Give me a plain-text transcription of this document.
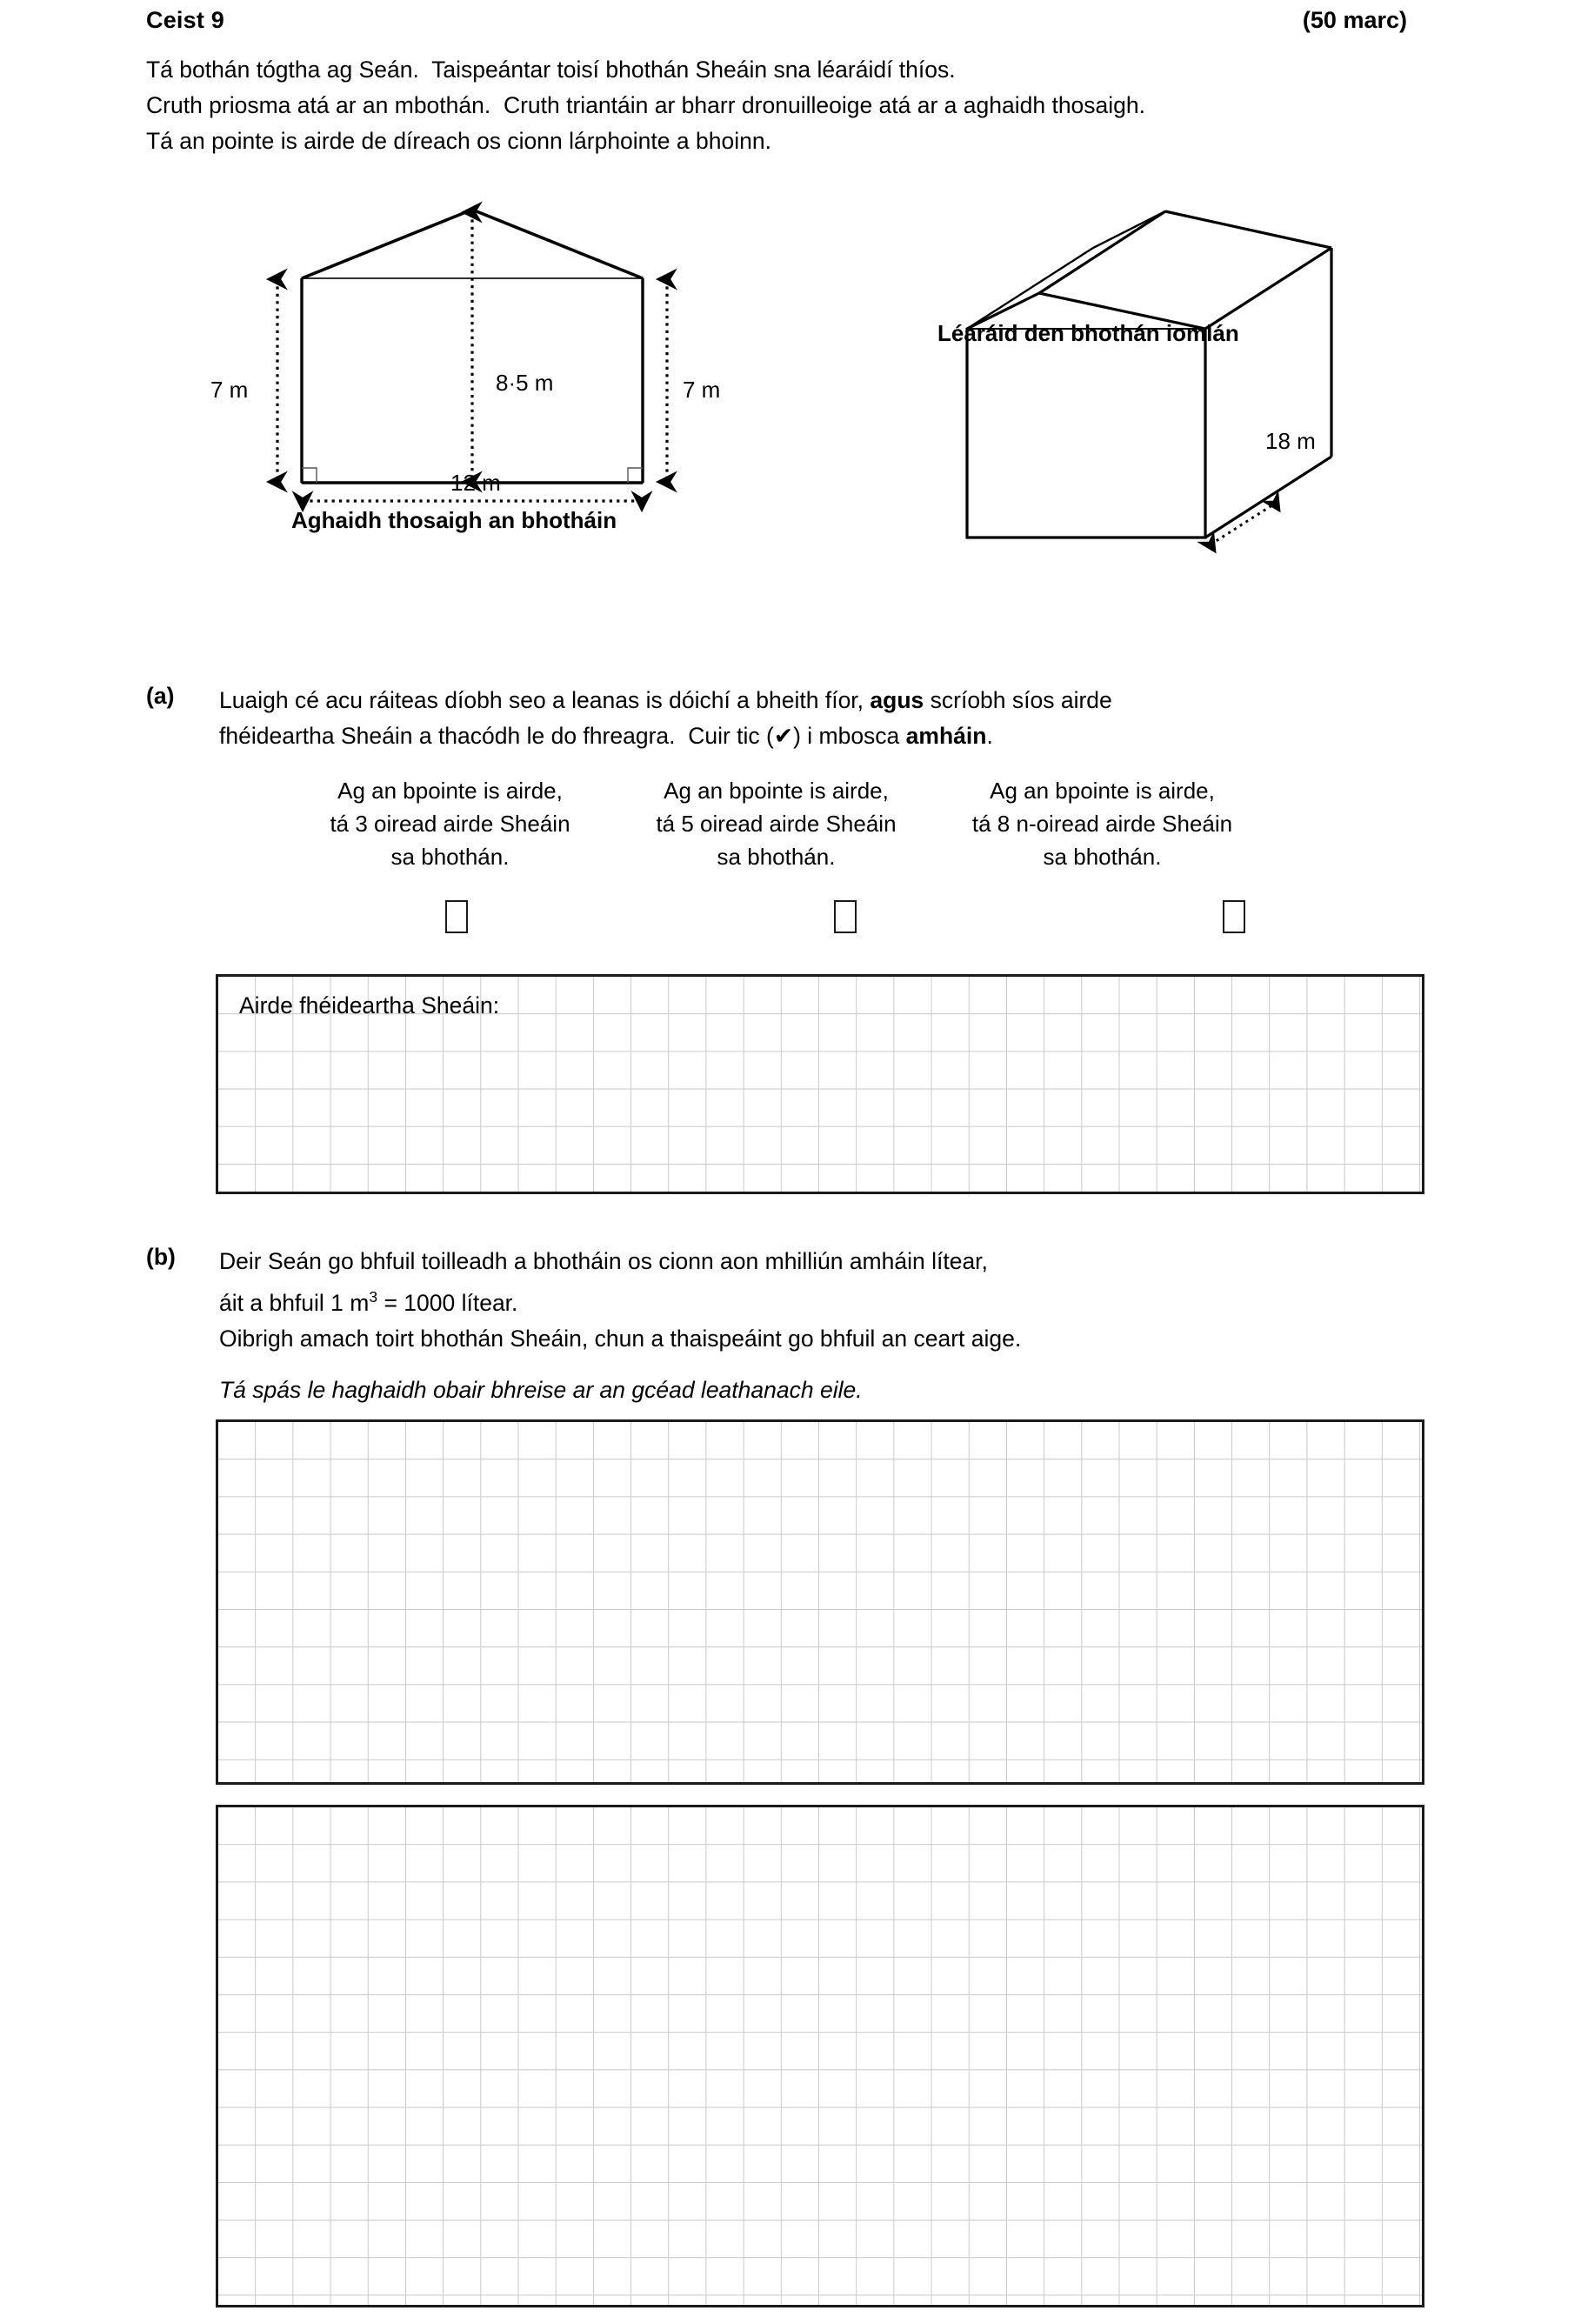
Ceist 9	(50 marc)
Tá bothán tógtha ag Seán.  Taispeántar toisí bhothán Sheáin sna léaráidí thíos.
Cruth priosma atá ar an mbothán.  Cruth triantáin ar bharr dronuilleoige atá ar a aghaidh thosaigh.
Tá an pointe is airde de díreach os cionn lárphointe a bhoinn.
7 m	7 m
8·5 m
12 m
18 m
Aghaidh thosaigh an bhotháin
Léaráid den bhothán iomlán
(a) Luaigh cé acu ráiteas díobh seo a leanas is dóichí a bheith fíor, agus scríobh síos airde
fhéideartha Sheáin a thacódh le do fhreagra.  Cuir tic (✔) i mbosca amháin.
Ag an bpointe is airde,
tá 3 oiread airde Sheáin
sa bhothán.
Ag an bpointe is airde,
tá 5 oiread airde Sheáin
sa bhothán.
Ag an bpointe is airde,
tá 8 n-oiread airde Sheáin
sa bhothán.
Airde fhéideartha Sheáin:
(b) Deir Seán go bhfuil toilleadh a bhotháin os cionn aon mhilliún amháin lítear,
áit a bhfuil 1 $m^3 = 1000$ lítear.
Oibrigh amach toirt bhothán Sheáin, chun a thaispeáint go bhfuil an ceart aige.
Tá spás le haghaidh obair bhreise ar an gcéad leathanach eile.
